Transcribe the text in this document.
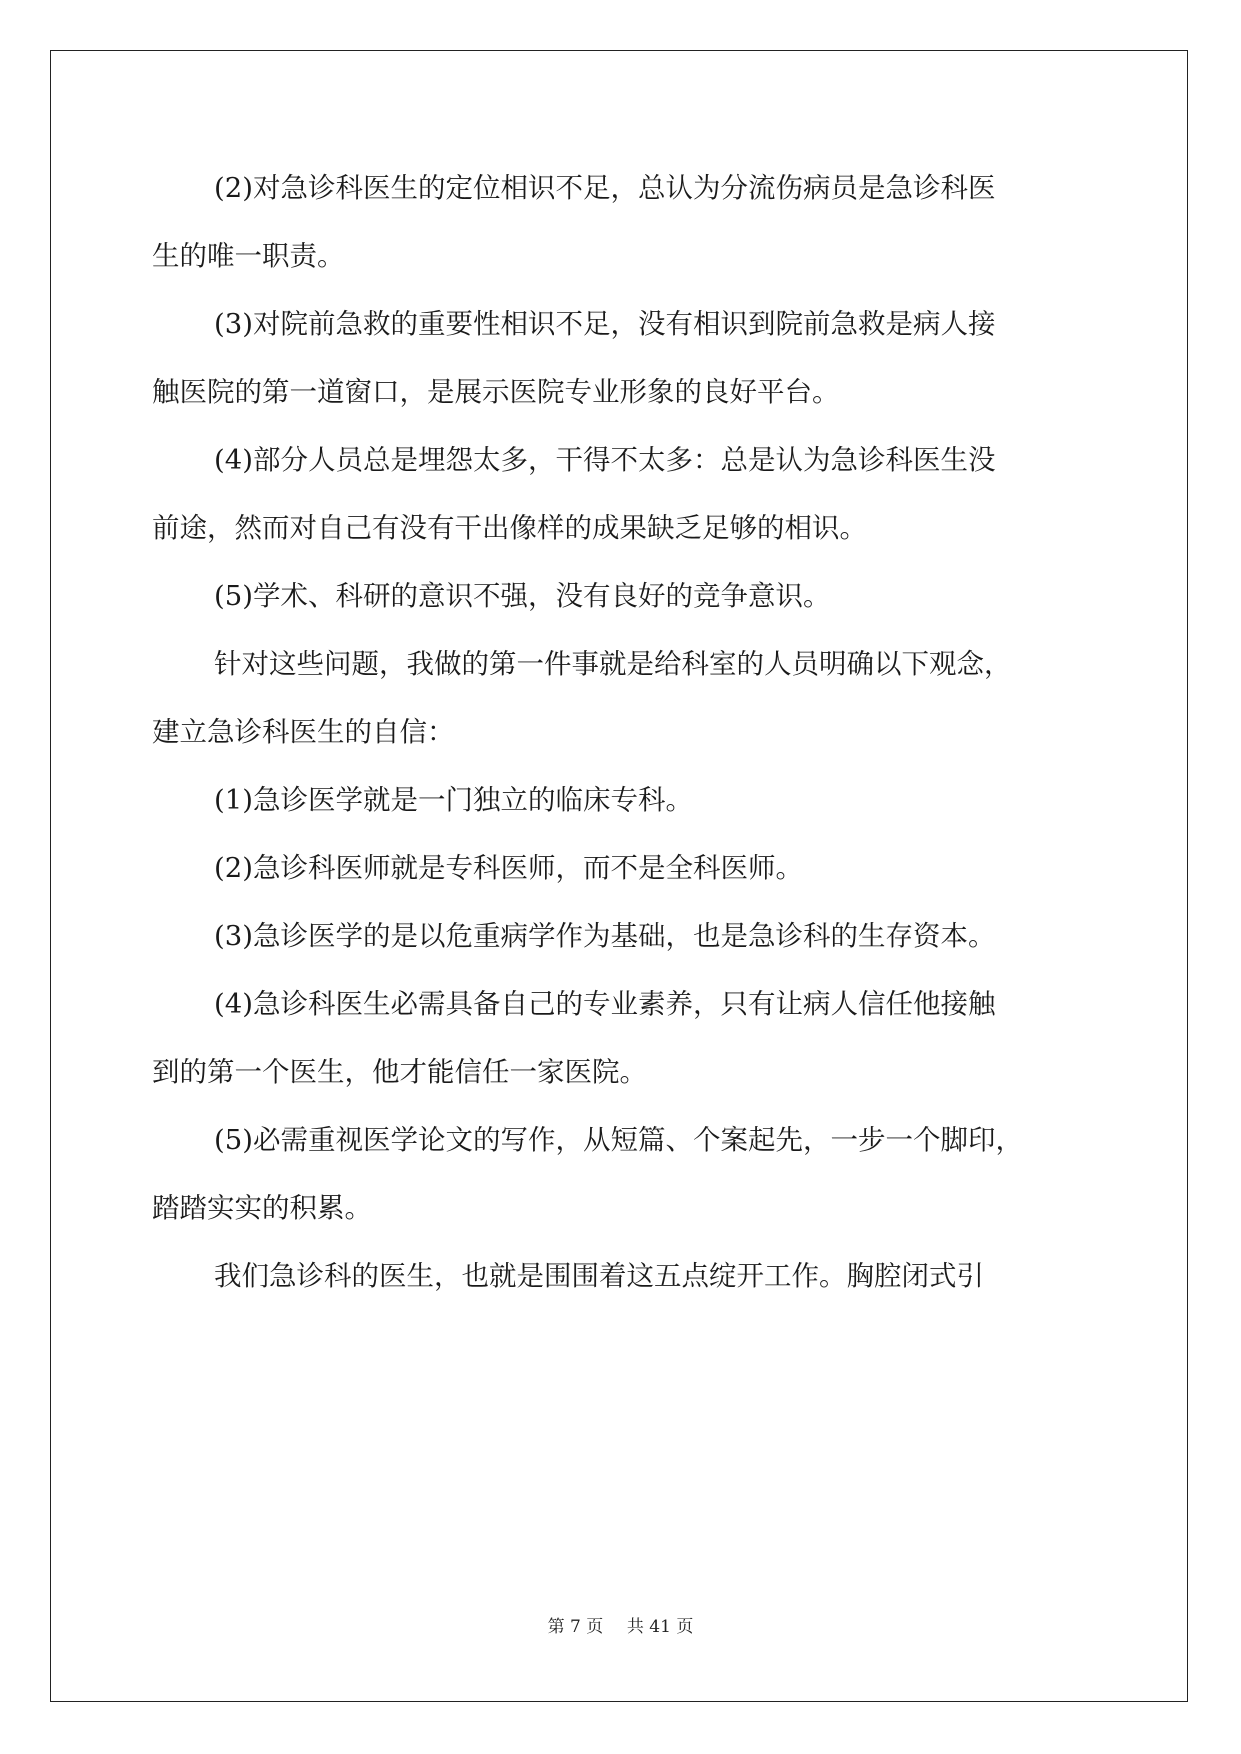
(2)对急诊科医生的定位相识不足，总认为分流伤病员是急诊科医
生的唯一职责。
(3)对院前急救的重要性相识不足，没有相识到院前急救是病人接
触医院的第一道窗口，是展示医院专业形象的良好平台。
(4)部分人员总是埋怨太多，干得不太多：总是认为急诊科医生没
前途，然而对自己有没有干出像样的成果缺乏足够的相识。
(5)学术、科研的意识不强，没有良好的竞争意识。
针对这些问题，我做的第一件事就是给科室的人员明确以下观念，
建立急诊科医生的自信：
(1)急诊医学就是一门独立的临床专科。
(2)急诊科医师就是专科医师，而不是全科医师。
(3)急诊医学的是以危重病学作为基础，也是急诊科的生存资本。
(4)急诊科医生必需具备自己的专业素养，只有让病人信任他接触
到的第一个医生，他才能信任一家医院。
(5)必需重视医学论文的写作，从短篇、个案起先，一步一个脚印，
踏踏实实的积累。
我们急诊科的医生，也就是围围着这五点绽开工作。胸腔闭式引
第 7 页 共 41 页
